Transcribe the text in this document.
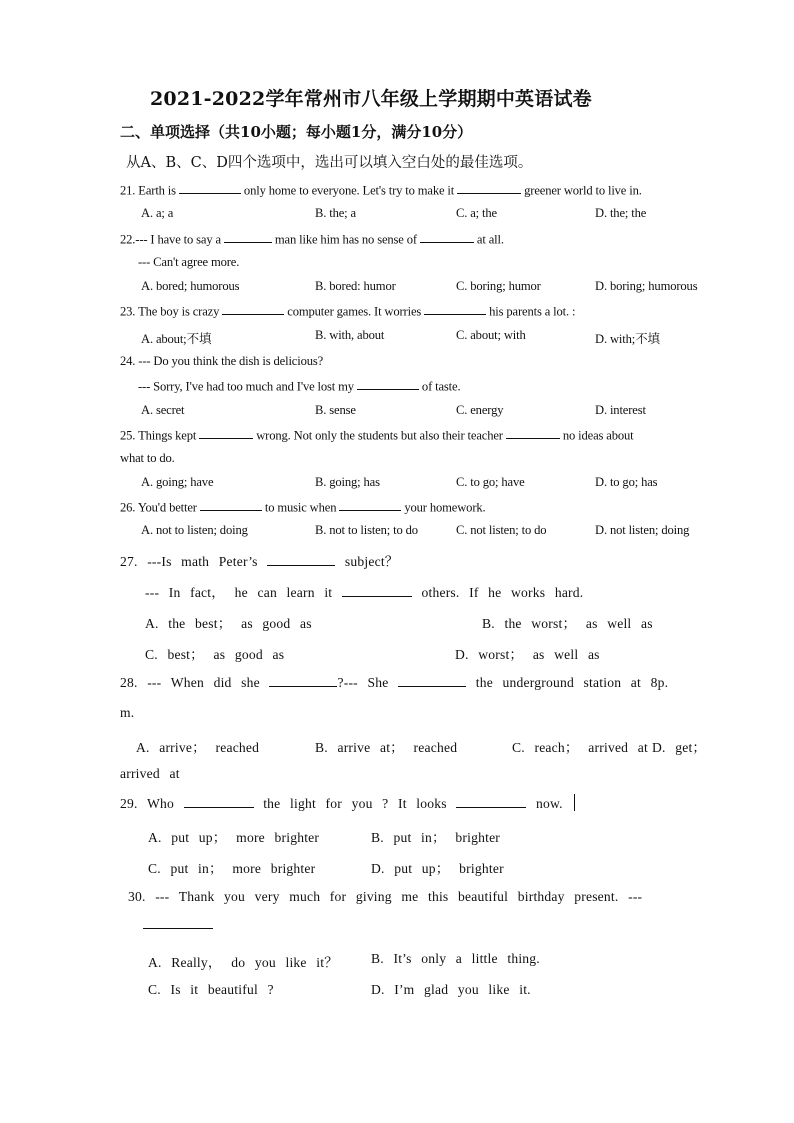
2021-2022学年常州市八年级上学期期中英语试卷
二、单项选择（共10小题；每小题1分，满分10分）
从A、B、C、D四个选项中，选出可以填入空白处的最佳选项。
21. Earth is	only home to everyone. Let's try to make it	greener world to live in.
A. a; a	B. the; a	C. a; the	D. the; the
22.--- I have to say a	man like him has no sense of	at all.
--- Can't agree more.
A. bored; humorous	B. bored: humor	C. boring; humor	D. boring; humorous
23. The boy is crazy	computer games. It worries	his parents a lot. :
A. about;不填	B. with, about	C. about; with	D. with;不填
24. --- Do you think the dish is delicious?
--- Sorry, I've had too much and I've lost my	of taste.
A. secret	B. sense	C. energy	D. interest
25. Things kept	wrong. Not only the students but also their teacher	no ideas about
what to do.
A. going; have	B. going; has	C. to go; have	D. to go; has
26. You'd better	to music when	your homework.
A. not to listen; doing	B. not to listen; to do	C. not listen; to do	D. not listen; doing
27. ---Is math Peter’s	subject？
--- In fact， he can learn it	others. If he works hard.
A. the best； as good as	B. the worst； as well as
C. best； as good as	D. worst； as well as
28. --- When did she	?--- She	the underground station at 8p.
m.
A. arrive； reached	B. arrive at； reached	C. reach； arrived at D. get；
arrived at
29. Who	the light for you ? It looks	now.
A. put up； more brighter	B. put in； brighter
C. put in； more brighter	D. put up； brighter
30. --- Thank you very much for giving me this beautiful birthday present. ---
A. Really， do you like it？ B. It’s only a little thing.
C. Is it beautiful ?	D. I’m glad you like it.
